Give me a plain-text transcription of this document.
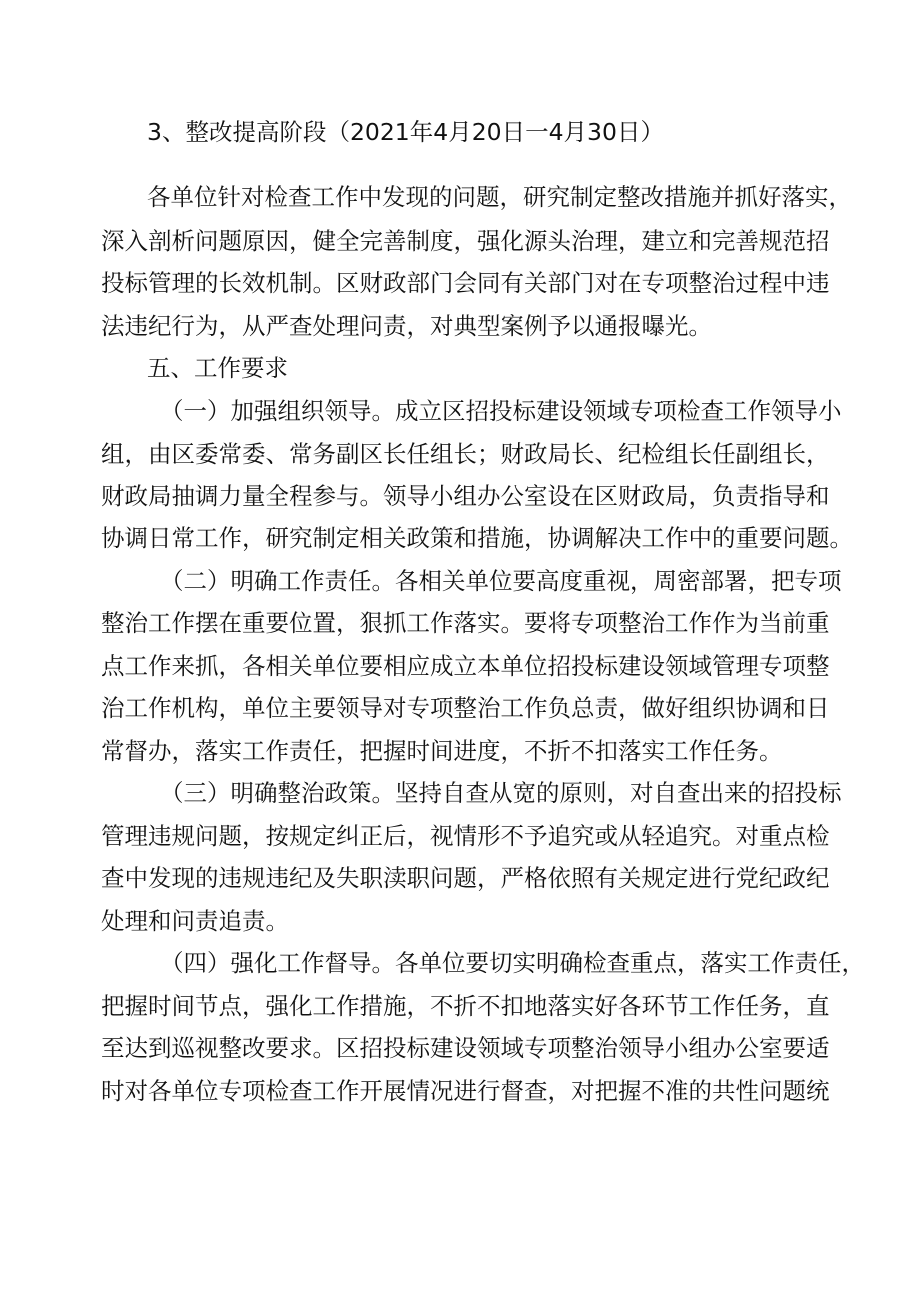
3、整改提高阶段（2021年4月20日一4月30日）
各单位针对检查工作中发现的问题，研究制定整改措施并抓好落实，
深入剖析问题原因，健全完善制度，强化源头治理，建立和完善规范招
投标管理的长效机制。区财政部门会同有关部门对在专项整治过程中违
法违纪行为，从严查处理问责，对典型案例予以通报曝光。
五、工作要求
（一）加强组织领导。成立区招投标建设领域专项检查工作领导小
组，由区委常委、常务副区长任组长；财政局长、纪检组长任副组长，
财政局抽调力量全程参与。领导小组办公室设在区财政局，负责指导和
协调日常工作，研究制定相关政策和措施，协调解决工作中的重要问题。
（二）明确工作责任。各相关单位要高度重视，周密部署，把专项
整治工作摆在重要位置，狠抓工作落实。要将专项整治工作作为当前重
点工作来抓，各相关单位要相应成立本单位招投标建设领域管理专项整
治工作机构，单位主要领导对专项整治工作负总责，做好组织协调和日
常督办，落实工作责任，把握时间进度，不折不扣落实工作任务。
（三）明确整治政策。坚持自查从宽的原则，对自查出来的招投标
管理违规问题，按规定纠正后，视情形不予追究或从轻追究。对重点检
查中发现的违规违纪及失职渎职问题，严格依照有关规定进行党纪政纪
处理和问责追责。
（四）强化工作督导。各单位要切实明确检查重点，落实工作责任，
把握时间节点，强化工作措施，不折不扣地落实好各环节工作任务，直
至达到巡视整改要求。区招投标建设领域专项整治领导小组办公室要适
时对各单位专项检查工作开展情况进行督查，对把握不准的共性问题统
